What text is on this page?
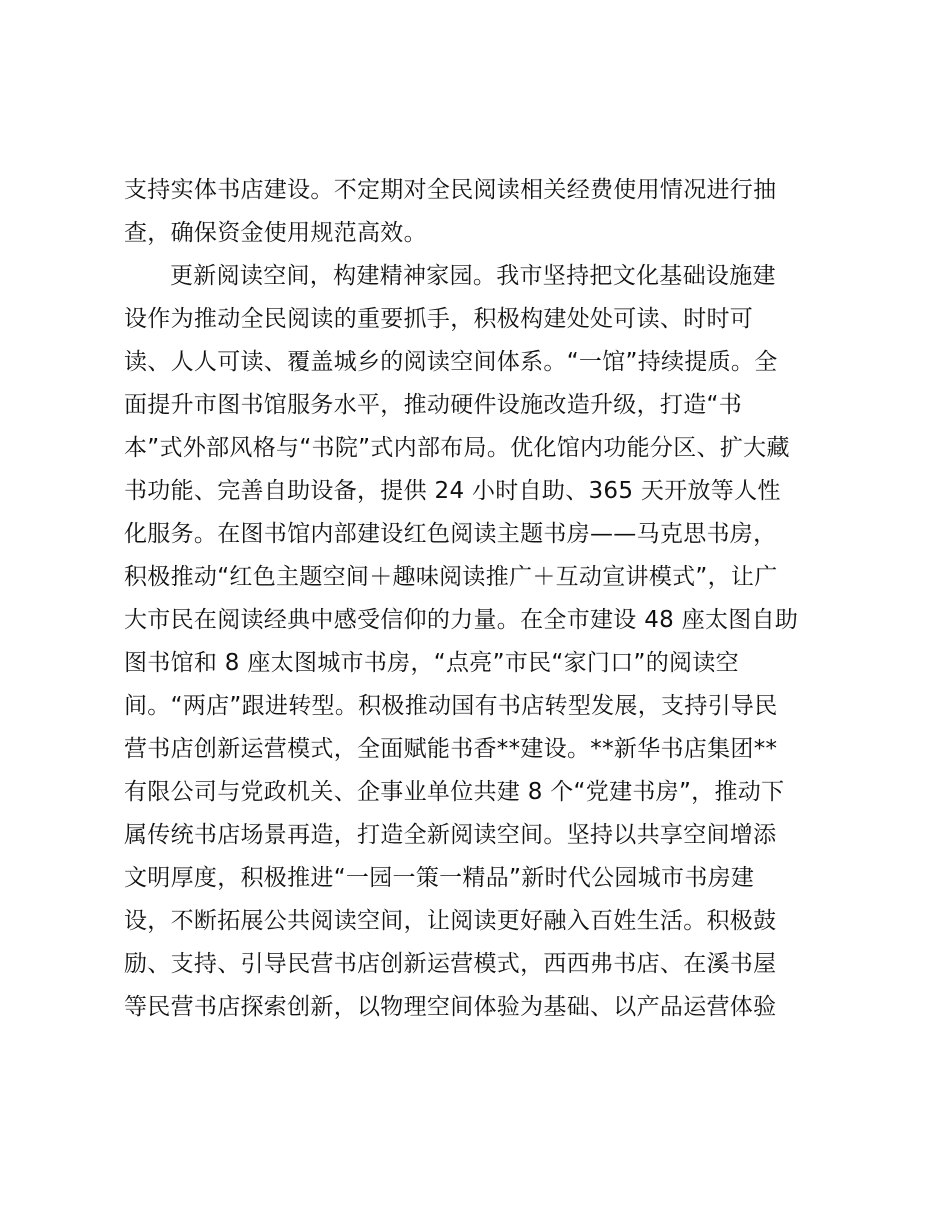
支持实体书店建设。不定期对全民阅读相关经费使用情况进行抽
查，确保资金使用规范高效。
更新阅读空间，构建精神家园。我市坚持把文化基础设施建
设作为推动全民阅读的重要抓手，积极构建处处可读、时时可
读、人人可读、覆盖城乡的阅读空间体系。“一馆”持续提质。全
面提升市图书馆服务水平，推动硬件设施改造升级，打造“书
本”式外部风格与“书院”式内部布局。优化馆内功能分区、扩大藏
书功能、完善自助设备，提供 24 小时自助、365 天开放等人性
化服务。在图书馆内部建设红色阅读主题书房——马克思书房，
积极推动“红色主题空间＋趣味阅读推广＋互动宣讲模式”，让广
大市民在阅读经典中感受信仰的力量。在全市建设 48 座太图自助
图书馆和 8 座太图城市书房，“点亮”市民“家门口”的阅读空
间。“两店”跟进转型。积极推动国有书店转型发展，支持引导民
营书店创新运营模式，全面赋能书香**建设。**新华书店集团**
有限公司与党政机关、企事业单位共建 8 个“党建书房”，推动下
属传统书店场景再造，打造全新阅读空间。坚持以共享空间增添
文明厚度，积极推进“一园一策一精品”新时代公园城市书房建
设，不断拓展公共阅读空间，让阅读更好融入百姓生活。积极鼓
励、支持、引导民营书店创新运营模式，西西弗书店、在溪书屋
等民营书店探索创新，以物理空间体验为基础、以产品运营体验
